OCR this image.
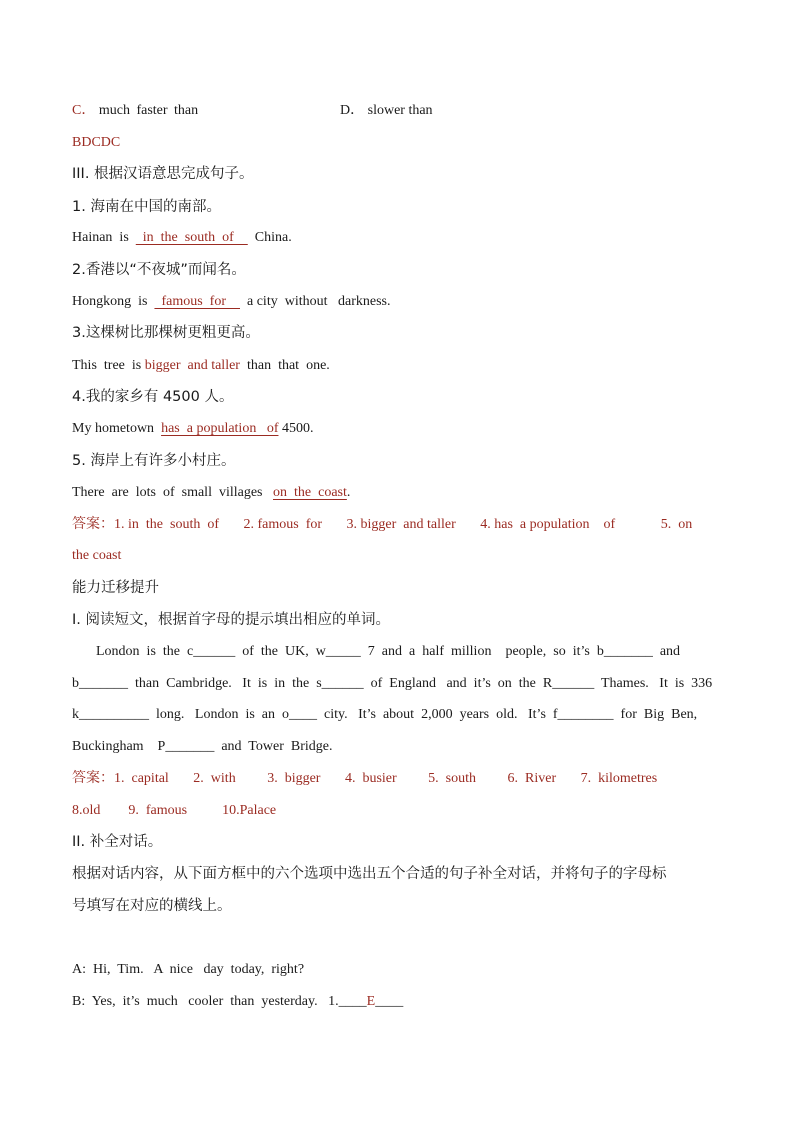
C． much faster than	D． slower than
BDCDC
III. 根据汉语意思完成句子。
1. 海南在中国的南部。
Hainan  is    in  the  south  of      China.
2.香港以“不夜城”而闻名。
Hongkong  is    famous  for      a city  without   darkness.
3.这棵树比那棵树更粗更高。
This  tree  is bigger  and taller  than  that  one.
4.我的家乡有 4500 人。
My hometown  has  a population   of 4500.
5. 海岸上有许多小村庄。
There  are  lots  of  small  villages   on  the  coast.
答案：1. in  the  south  of       2. famous  for       3. bigger  and taller       4. has  a population    of             5.  on
the coast
能力迁移提升
I. 阅读短文，根据首字母的提示填出相应的单词。
London  is  the  c______  of  the  UK,  w_____  7  and  a  half  million    people,  so  it’s  b_______  and
b_______  than  Cambridge.   It  is  in  the  s______  of  England   and  it’s  on  the  R______  Thames.   It  is  336
k__________  long.   London  is  an  o____  city.   It’s  about  2,000  years  old.   It’s  f________  for  Big  Ben,
Buckingham    P_______  and  Tower  Bridge.
答案：1.  capital       2.  with         3.  bigger       4.  busier         5.  south         6.  River       7.  kilometres
8.old        9.  famous          10.Palace
II. 补全对话。
根据对话内容，从下面方框中的六个选项中选出五个合适的句子补全对话，并将句子的字母标
号填写在对应的横线上。
A:  Hi,  Tim.   A  nice   day  today,  right?
B:  Yes,  it’s  much   cooler  than  yesterday.   1.____E____
